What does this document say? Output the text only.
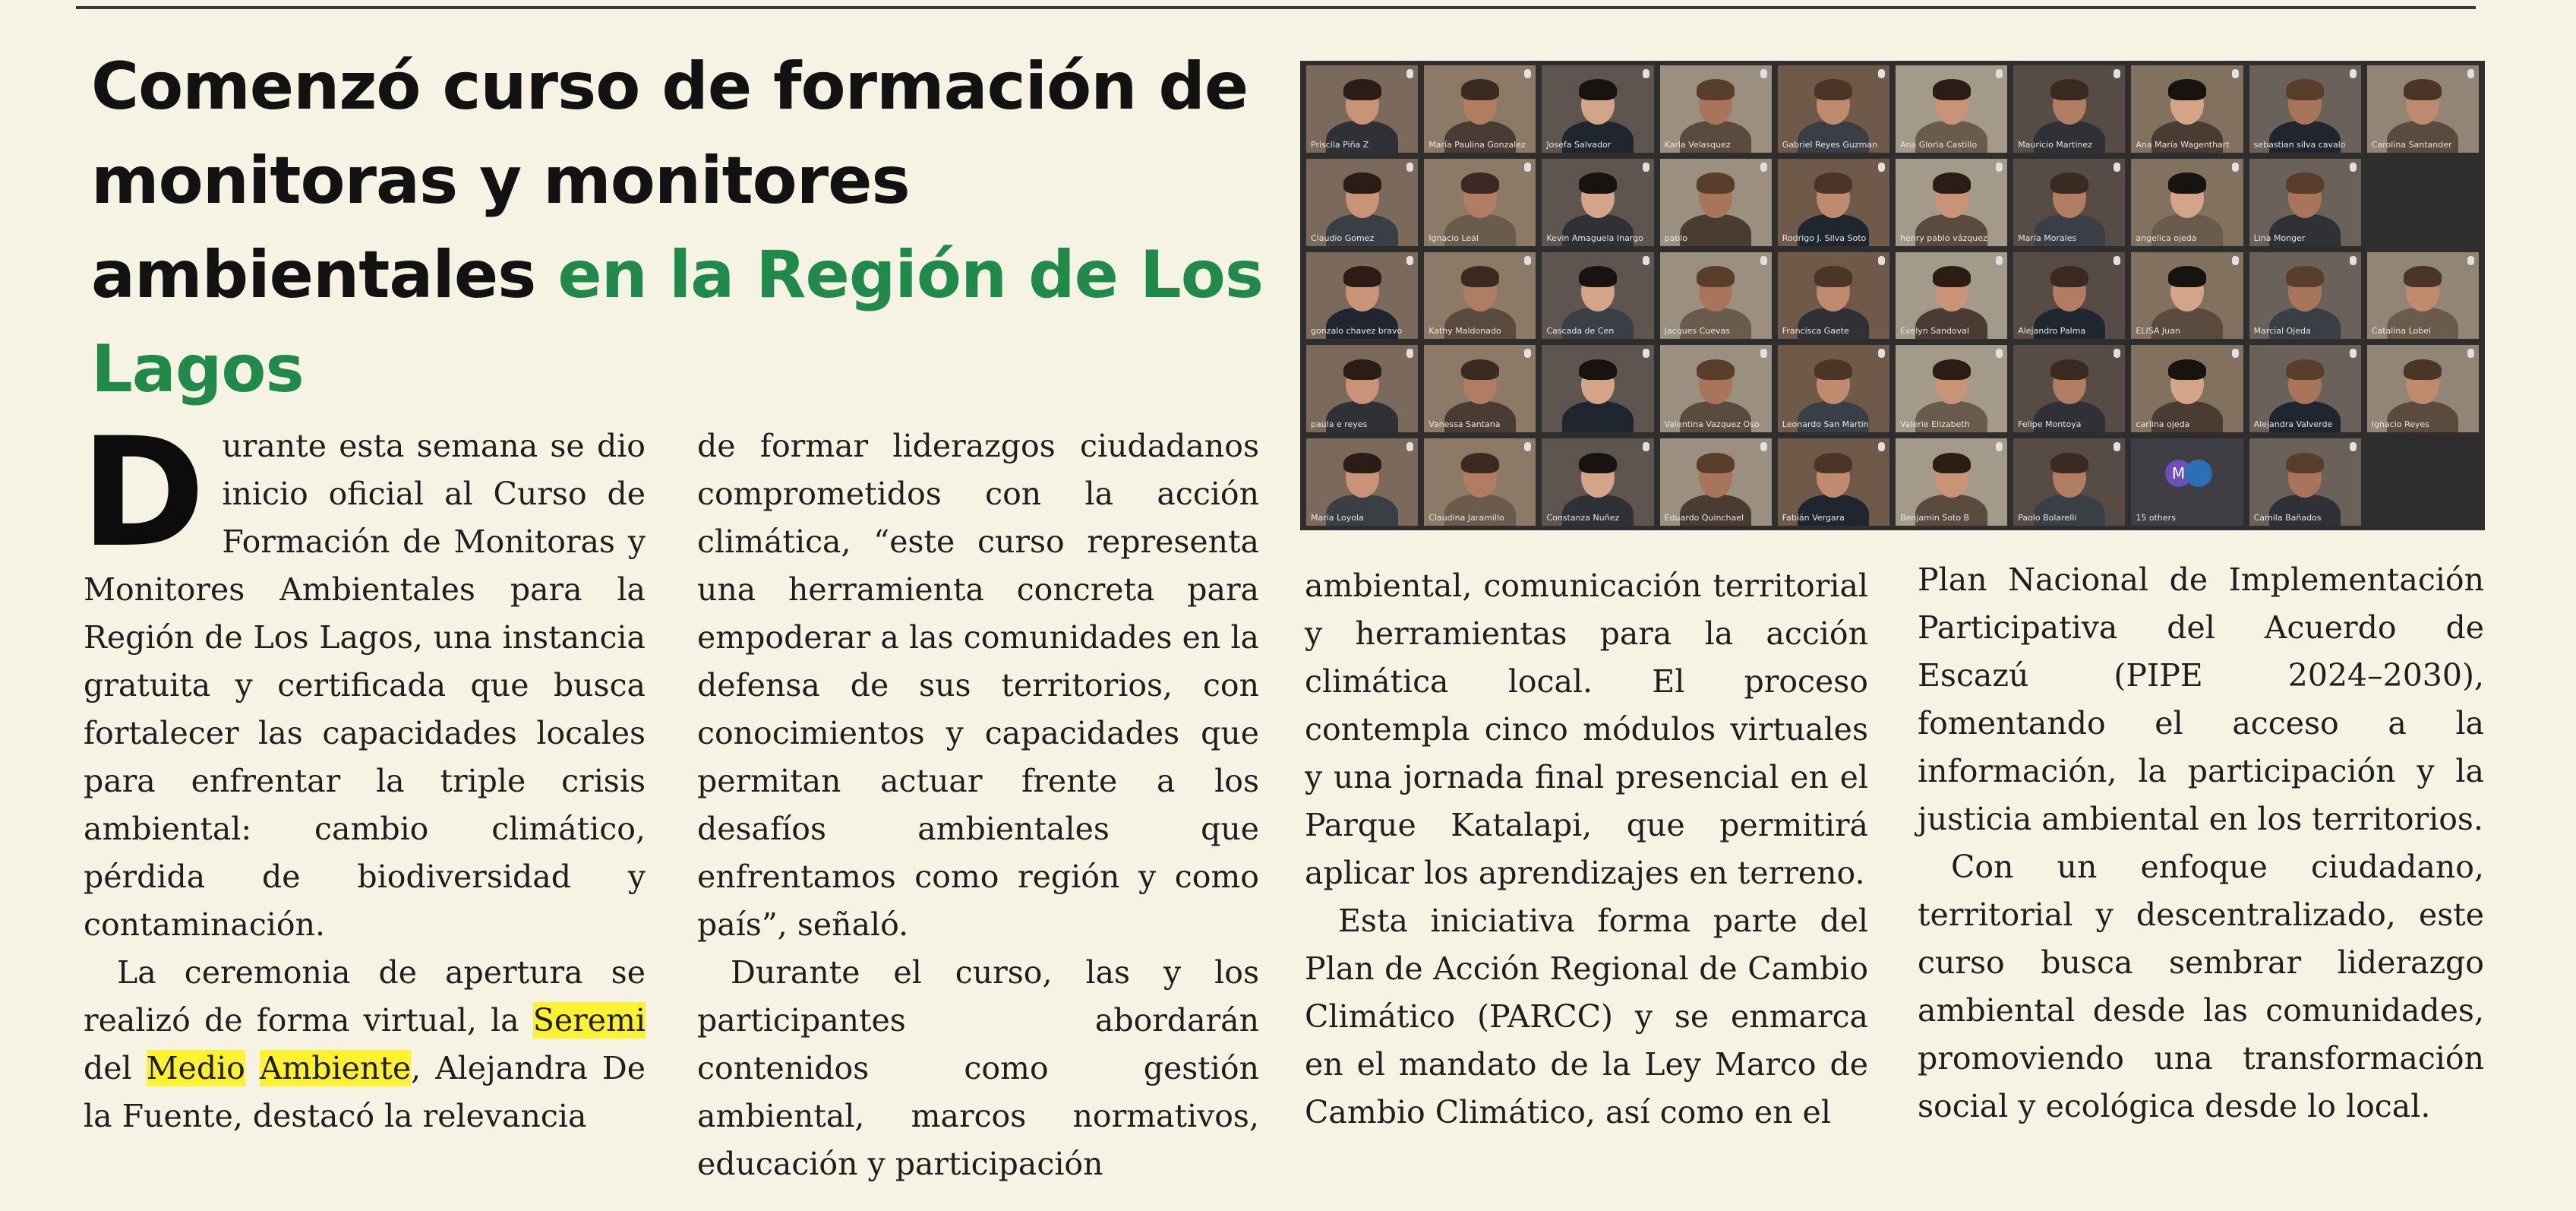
Comenzó curso de formación de monitoras y monitores ambientales en la Región de Los Lagos

Durante esta semana se dio inicio oficial al Curso de Formación de Monitoras y Monitores Ambientales para la Región de Los Lagos, una instancia gratuita y certificada que busca fortalecer las capacidades locales para enfrentar la triple crisis ambiental: cambio climático, pérdida de biodiversidad y contaminación.

La ceremonia de apertura se realizó de forma virtual, la Seremi del Medio Ambiente, Alejandra De la Fuente, destacó la relevancia

de formar liderazgos ciudadanos comprometidos con la acción climática, “este curso representa una herramienta concreta para empoderar a las comunidades en la defensa de sus territorios, con conocimientos y capacidades que permitan actuar frente a los desafíos ambientales que enfrentamos como región y como país”, señaló.

Durante el curso, las y los participantes abordarán contenidos como gestión ambiental, marcos normativos, educación y participación

ambiental, comunicación territorial y herramientas para la acción climática local. El proceso contempla cinco módulos virtuales y una jornada final presencial en el Parque Katalapi, que permitirá aplicar los aprendizajes en terreno.

Esta iniciativa forma parte del Plan de Acción Regional de Cambio Climático (PARCC) y se enmarca en el mandato de la Ley Marco de Cambio Climático, así como en el

Plan Nacional de Implementación Participativa del Acuerdo de Escazú (PIPE 2024–2030), fomentando el acceso a la información, la participación y la justicia ambiental en los territorios.

Con un enfoque ciudadano, territorial y descentralizado, este curso busca sembrar liderazgo ambiental desde las comunidades, promoviendo una transformación social y ecológica desde lo local.

Priscila Piña Z	María Paulina Gonzalez	Josefa Salvador	Karla Velasquez	Gabriel Reyes Guzman	Ana Gloria Castillo	Mauricio Martinez	Ana María Wagenthart	sebastian silva cavalo	Carolina Santander
Claudio Gomez	Ignacio Leal	Kevin Amaguela Inargo	pablo	Rodrigo J. Silva Soto	henry pablo vázquez	María Morales	angelica ojeda	Lina Monger
gonzalo chavez bravo	Kathy Maldonado	Cascada de Cen	Jacques Cuevas	Francisca Gaete	Evelyn Sandoval	Alejandro Palma	ELISA Juan	Marcial Ojeda	Catalina Lobel
paula e reyes	Vanessa Santana	Valentina Vazquez Oso	Leonardo San Martin	Valerie Elizabeth	Felipe Montoya	carlina ojeda	Alejandra Valverde	Ignacio Reyes
Maria Loyola	Claudina Jaramillo	Constanza Nuñez	Eduardo Quinchael	Fabián Vergara	Benjamin Soto B	Paolo Bolarelli
M
15 others	Camila Bañados
